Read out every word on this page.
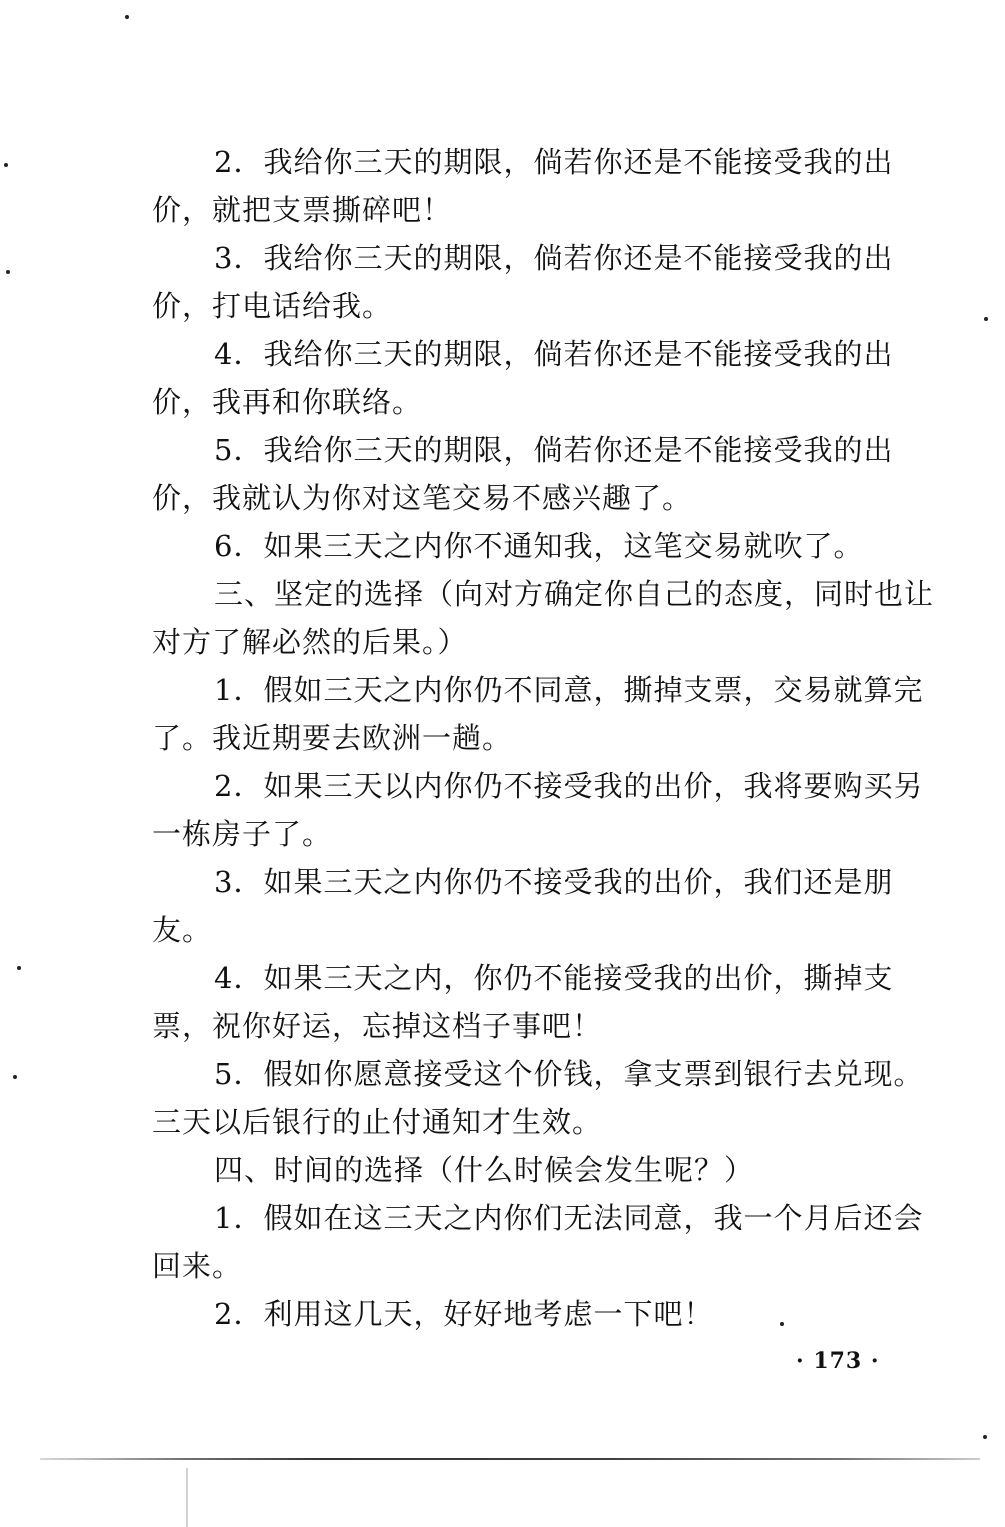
2．我给你三天的期限，倘若你还是不能接受我的出
价，就把支票撕碎吧！

3．我给你三天的期限，倘若你还是不能接受我的出
价，打电话给我。

4．我给你三天的期限，倘若你还是不能接受我的出
价，我再和你联络。

5．我给你三天的期限，倘若你还是不能接受我的出
价，我就认为你对这笔交易不感兴趣了。

6．如果三天之内你不通知我，这笔交易就吹了。

三、坚定的选择（向对方确定你自己的态度，同时也让
对方了解必然的后果。）

1．假如三天之内你仍不同意，撕掉支票，交易就算完
了。我近期要去欧洲一趟。

2．如果三天以内你仍不接受我的出价，我将要购买另
一栋房子了。

3．如果三天之内你仍不接受我的出价，我们还是朋
友。

4．如果三天之内，你仍不能接受我的出价，撕掉支
票，祝你好运，忘掉这档子事吧！

5．假如你愿意接受这个价钱，拿支票到银行去兑现。
三天以后银行的止付通知才生效。

四、时间的选择（什么时候会发生呢？）

1．假如在这三天之内你们无法同意，我一个月后还会
回来。

2．利用这几天，好好地考虑一下吧！

· 173 ·
